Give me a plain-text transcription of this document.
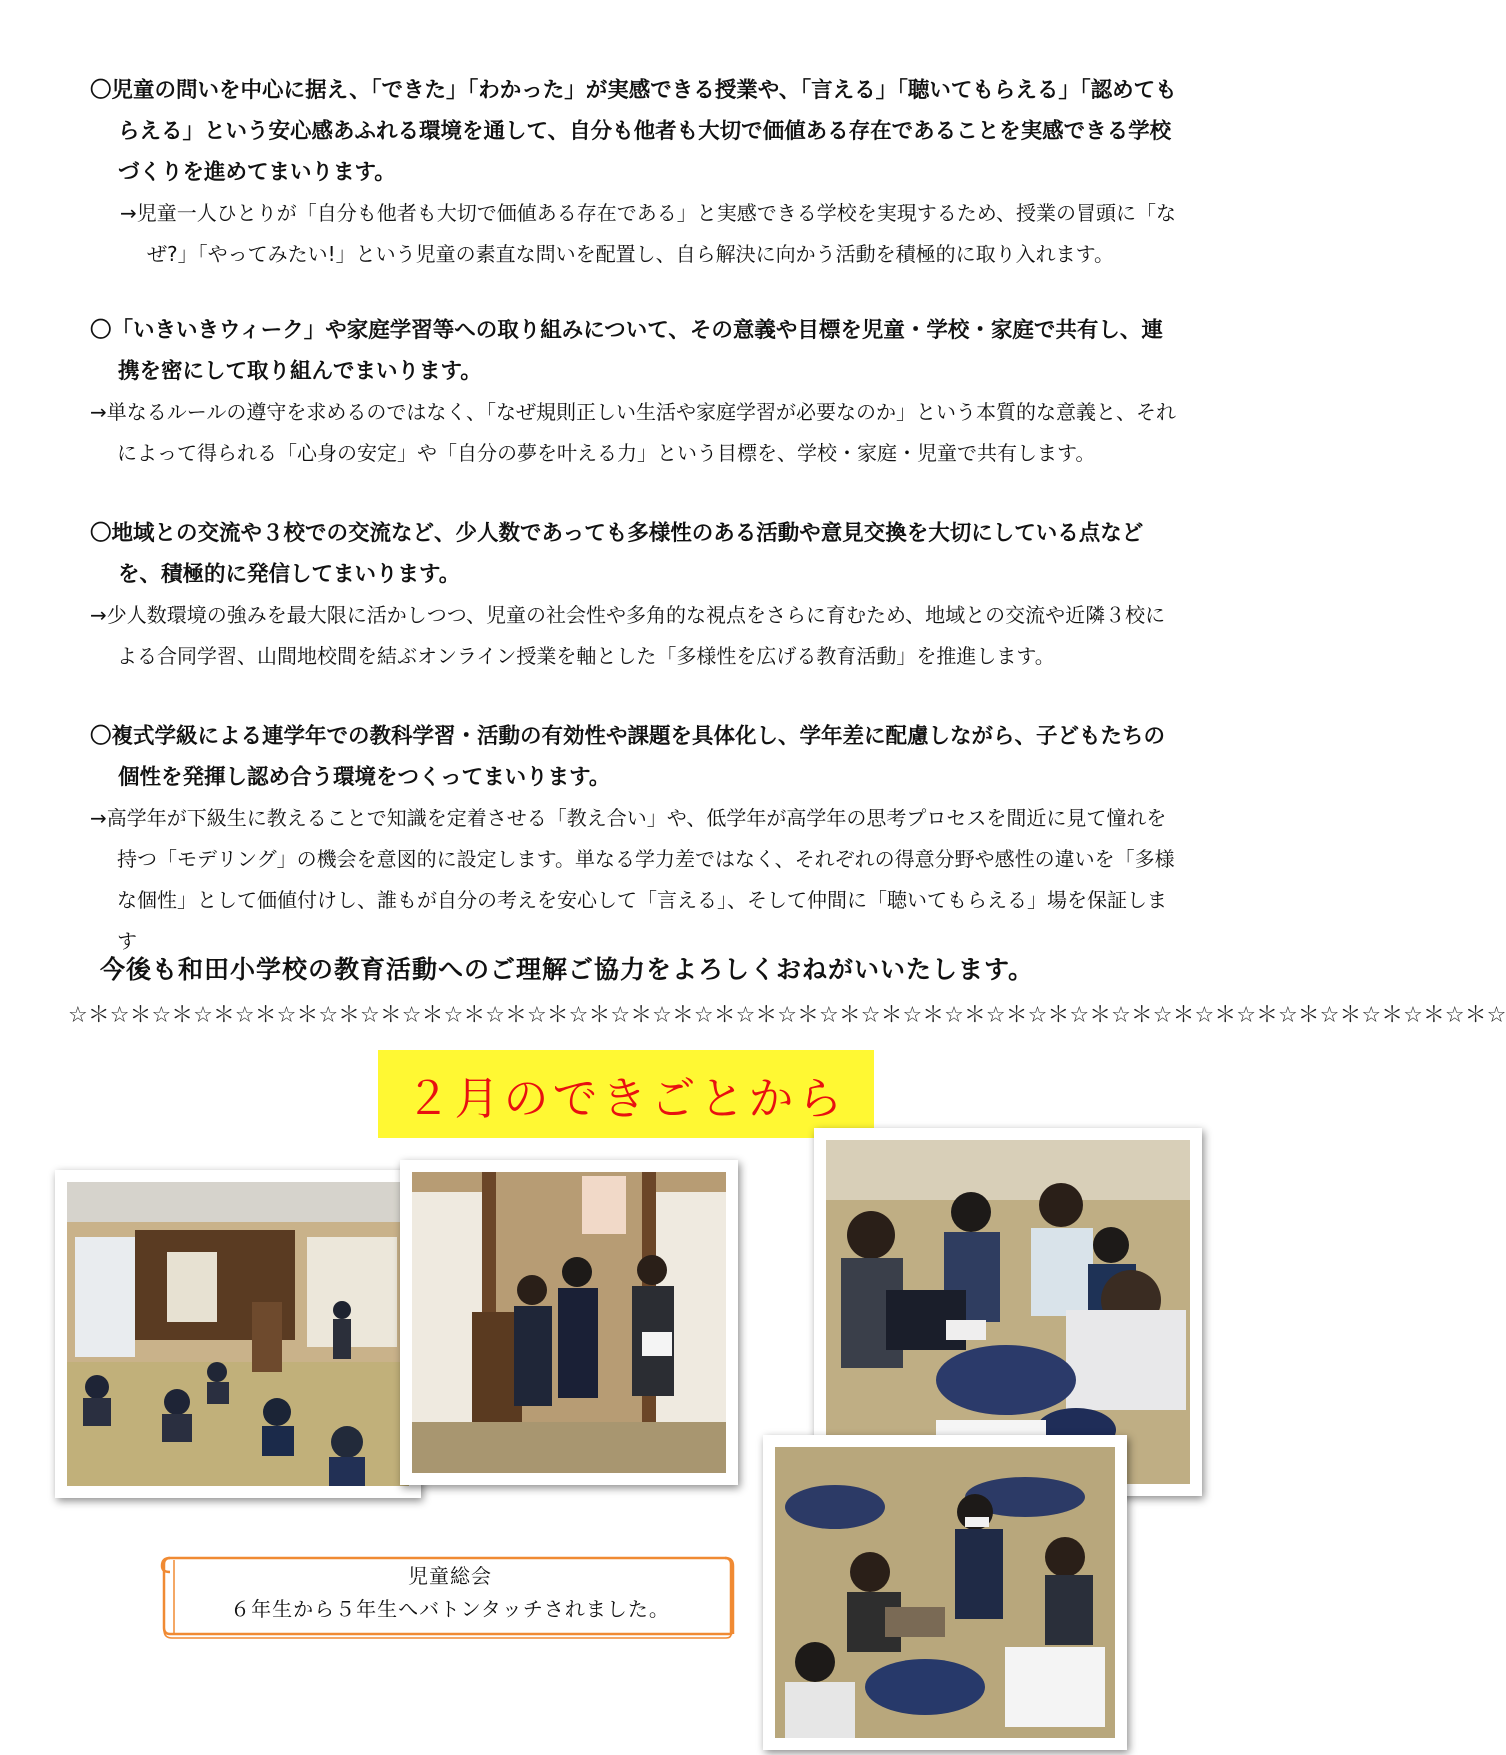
〇児童の問いを中心に据え、「できた」「わかった」が実感できる授業や、「言える」「聴いてもらえる」「認めてもらえる」という安心感あふれる環境を通して、自分も他者も大切で価値ある存在であることを実感できる学校づくりを進めてまいります。

→児童一人ひとりが「自分も他者も大切で価値ある存在である」と実感できる学校を実現するため、授業の冒頭に「なぜ?」「やってみたい!」という児童の素直な問いを配置し、自ら解決に向かう活動を積極的に取り入れます。

〇「いきいきウィーク」や家庭学習等への取り組みについて、その意義や目標を児童・学校・家庭で共有し、連携を密にして取り組んでまいります。

→単なるルールの遵守を求めるのではなく、「なぜ規則正しい生活や家庭学習が必要なのか」という本質的な意義と、それによって得られる「心身の安定」や「自分の夢を叶える力」という目標を、学校・家庭・児童で共有します。

〇地域との交流や３校での交流など、少人数であっても多様性のある活動や意見交換を大切にしている点などを、積極的に発信してまいります。

→少人数環境の強みを最大限に活かしつつ、児童の社会性や多角的な視点をさらに育むため、地域との交流や近隣３校による合同学習、山間地校間を結ぶオンライン授業を軸とした「多様性を広げる教育活動」を推進します。

〇複式学級による連学年での教科学習・活動の有効性や課題を具体化し、学年差に配慮しながら、子どもたちの個性を発揮し認め合う環境をつくってまいります。

→高学年が下級生に教えることで知識を定着させる「教え合い」や、低学年が高学年の思考プロセスを間近に見て憧れを持つ「モデリング」の機会を意図的に設定します。単なる学力差ではなく、それぞれの得意分野や感性の違いを「多様な個性」として価値付けし、誰もが自分の考えを安心して「言える」、そして仲間に「聴いてもらえる」場を保証します

今後も和田小学校の教育活動へのご理解ご協力をよろしくおねがいいたします。
☆＊☆＊☆＊☆＊☆＊☆＊☆＊☆＊☆＊☆＊☆＊☆＊☆＊☆＊☆＊☆＊☆＊☆＊☆＊☆＊☆＊☆＊☆＊☆＊☆＊☆＊☆＊☆＊☆＊☆＊☆＊☆＊☆＊☆＊☆
２月のできごとから
児童総会
６年生から５年生へバトンタッチされました。
